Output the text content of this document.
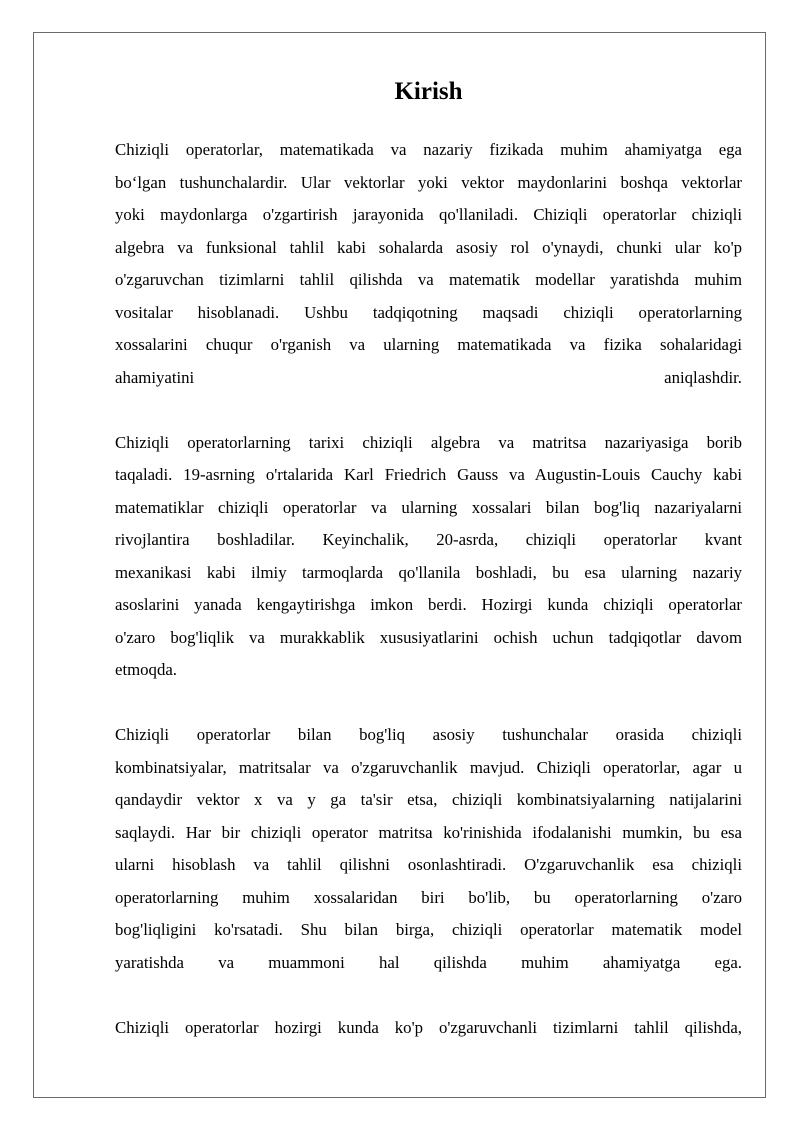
Kirish
Chiziqli operatorlar, matematikada va nazariy fizikada muhim ahamiyatga ega
bo‘lgan tushunchalardir. Ular vektorlar yoki vektor maydonlarini boshqa vektorlar
yoki maydonlarga o'zgartirish jarayonida qo'llaniladi. Chiziqli operatorlar chiziqli
algebra va funksional tahlil kabi sohalarda asosiy rol o'ynaydi, chunki ular ko'p
o'zgaruvchan tizimlarni tahlil qilishda va matematik modellar yaratishda muhim
vositalar hisoblanadi. Ushbu tadqiqotning maqsadi chiziqli operatorlarning
xossalarini chuqur o'rganish va ularning matematikada va fizika sohalaridagi
ahamiyatini aniqlashdir.
Chiziqli operatorlarning tarixi chiziqli algebra va matritsa nazariyasiga borib
taqaladi. 19-asrning o'rtalarida Karl Friedrich Gauss va Augustin-Louis Cauchy kabi
matematiklar chiziqli operatorlar va ularning xossalari bilan bog'liq nazariyalarni
rivojlantira boshladilar. Keyinchalik, 20-asrda, chiziqli operatorlar kvant
mexanikasi kabi ilmiy tarmoqlarda qo'llanila boshladi, bu esa ularning nazariy
asoslarini yanada kengaytirishga imkon berdi. Hozirgi kunda chiziqli operatorlar
o'zaro bog'liqlik va murakkablik xususiyatlarini ochish uchun tadqiqotlar davom
etmoqda.
Chiziqli operatorlar bilan bog'liq asosiy tushunchalar orasida chiziqli
kombinatsiyalar, matritsalar va o'zgaruvchanlik mavjud. Chiziqli operatorlar, agar u
qandaydir vektor x va y ga ta'sir etsa, chiziqli kombinatsiyalarning natijalarini
saqlaydi. Har bir chiziqli operator matritsa ko'rinishida ifodalanishi mumkin, bu esa
ularni hisoblash va tahlil qilishni osonlashtiradi. O'zgaruvchanlik esa chiziqli
operatorlarning muhim xossalaridan biri bo'lib, bu operatorlarning o'zaro
bog'liqligini ko'rsatadi. Shu bilan birga, chiziqli operatorlar matematik model
yaratishda va muammoni hal qilishda muhim ahamiyatga ega.
Chiziqli operatorlar hozirgi kunda ko'p o'zgaruvchanli tizimlarni tahlil qilishda,
